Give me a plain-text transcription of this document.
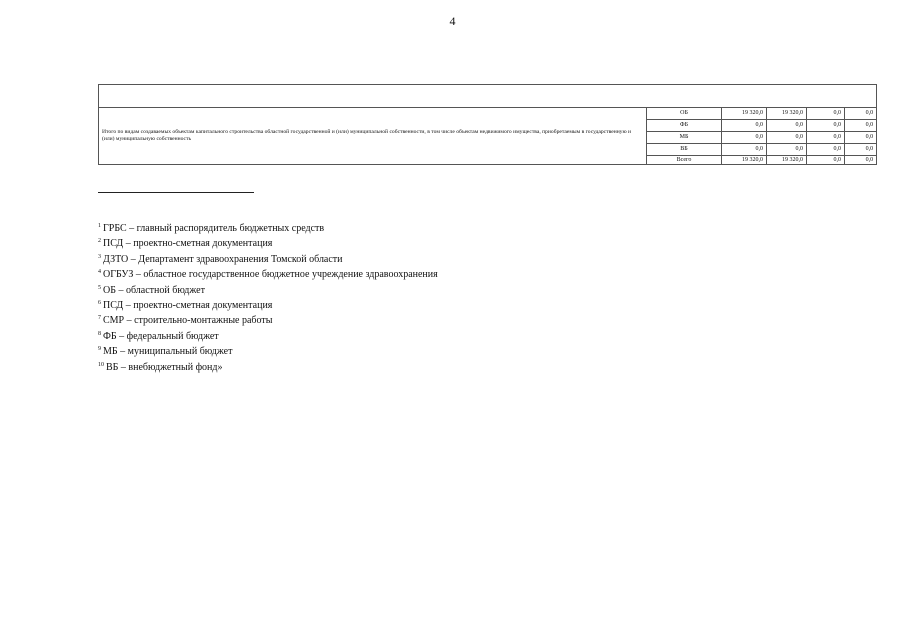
4

Итого по видам создаваемых объектам капитального строительства областной государственной и (или) муниципальной собственности, в том числе объектам недвижимого имущества, приобретаемым в государственную и (или) муниципальную собственность	ОБ	19 320,0	19 320,0	0,0	0,0
	ФБ	0,0	0,0	0,0	0,0
	МБ	0,0	0,0	0,0	0,0
	ВБ	0,0	0,0	0,0	0,0
	Всего	19 320,0	19 320,0	0,0	0,0
$^1$ ГРБС – главный распорядитель бюджетных средств
$^2$ ПСД – проектно-сметная документация
$^3$ ДЗТО – Департамент здравоохранения Томской области
$^4$ ОГБУЗ – областное государственное бюджетное учреждение здравоохранения
$^5$ ОБ – областной бюджет
$^6$ ПСД – проектно-сметная документация
$^7$ СМР – строительно-монтажные работы
$^8$ ФБ – федеральный бюджет
$^9$ МБ – муниципальный бюджет
$^{10}$ ВБ – внебюджетный фонд»
